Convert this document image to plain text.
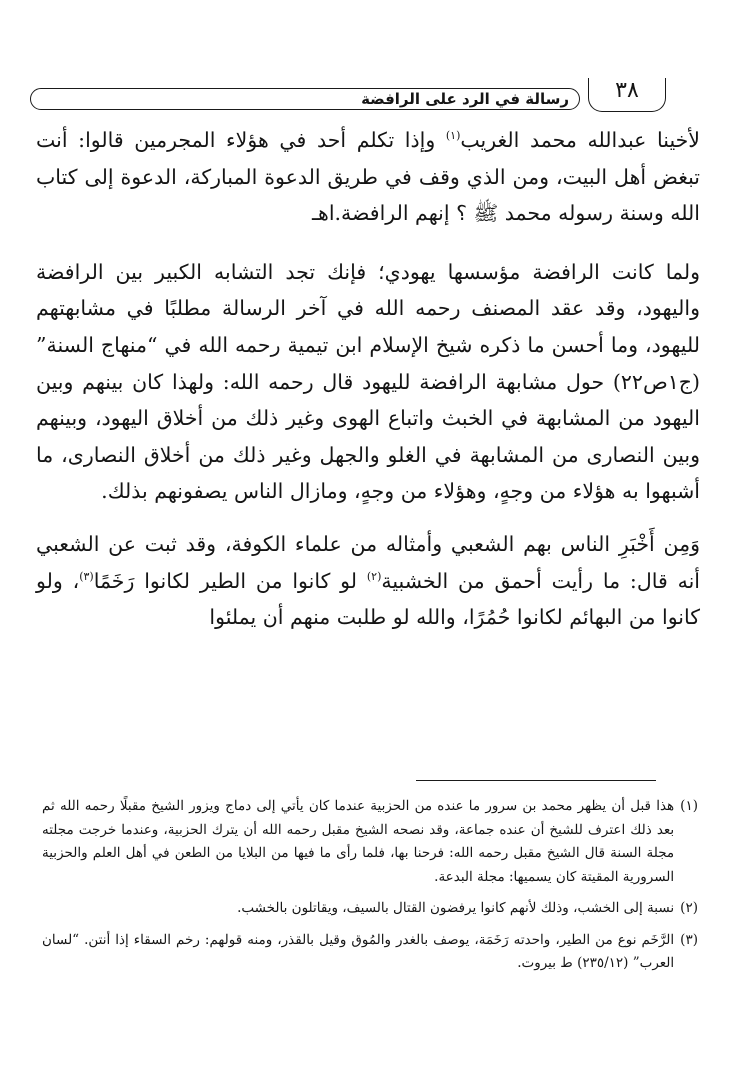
رسالة في الرد على الرافضة ٣٨

لأخينا عبدالله محمد الغريب$^{(١)}$ وإذا تكلم أحد في هؤلاء المجرمين قالوا: أنت تبغض أهل البيت، ومن الذي وقف في طريق الدعوة المباركة، الدعوة إلى كتاب الله وسنة رسوله محمد ﷺ ؟ إنهم الرافضة.اهـ

ولما كانت الرافضة مؤسسها يهودي؛ فإنك تجد التشابه الكبير بين الرافضة واليهود، وقد عقد المصنف رحمه الله في آخر الرسالة مطلبًا في مشابهتهم لليهود، وما أحسن ما ذكره شيخ الإسلام ابن تيمية رحمه الله في “منهاج السنة” (ج١ص٢٢) حول مشابهة الرافضة لليهود قال رحمه الله: ولهذا كان بينهم وبين اليهود من المشابهة في الخبث واتباع الهوى وغير ذلك من أخلاق اليهود، وبينهم وبين النصارى من المشابهة في الغلو والجهل وغير ذلك من أخلاق النصارى، ما أشبهوا به هؤلاء من وجهٍ، وهؤلاء من وجهٍ، ومازال الناس يصفونهم بذلك.

وَمِن أَخْبَرِ الناس بهم الشعبي وأمثاله من علماء الكوفة، وقد ثبت عن الشعبي أنه قال: ما رأيت أحمق من الخشبية$^{(٢)}$ لو كانوا من الطير لكانوا رَخَمًا$^{(٣)}$، ولو كانوا من البهائم لكانوا حُمُرًا، والله لو طلبت منهم أن يملئوا

(١)
هذا قبل أن يظهر محمد بن سرور ما عنده من الحزبية عندما كان يأتي إلى دماج ويزور الشيخ مقبلًا رحمه الله ثم بعد ذلك اعترف للشيخ أن عنده جماعة، وقد نصحه الشيخ مقبل رحمه الله أن يترك الحزبية، وعندما خرجت مجلته مجلة السنة قال الشيخ مقبل رحمه الله: فرحنا بها، فلما رأى ما فيها من البلايا من الطعن في أهل العلم والحزبية السرورية المقيتة كان يسميها: مجلة البدعة.
(٢)
نسبة إلى الخشب، وذلك لأنهم كانوا يرفضون القتال بالسيف، ويقاتلون بالخشب.
(٣)
الرَّخَم نوع من الطير، واحدته رَخَمَة، يوصف بالغدر والمُوق وقيل بالقذر، ومنه قولهم: رخم السقاء إذا أنتن. “لسان العرب” (٢٣٥/١٢) ط بيروت.
